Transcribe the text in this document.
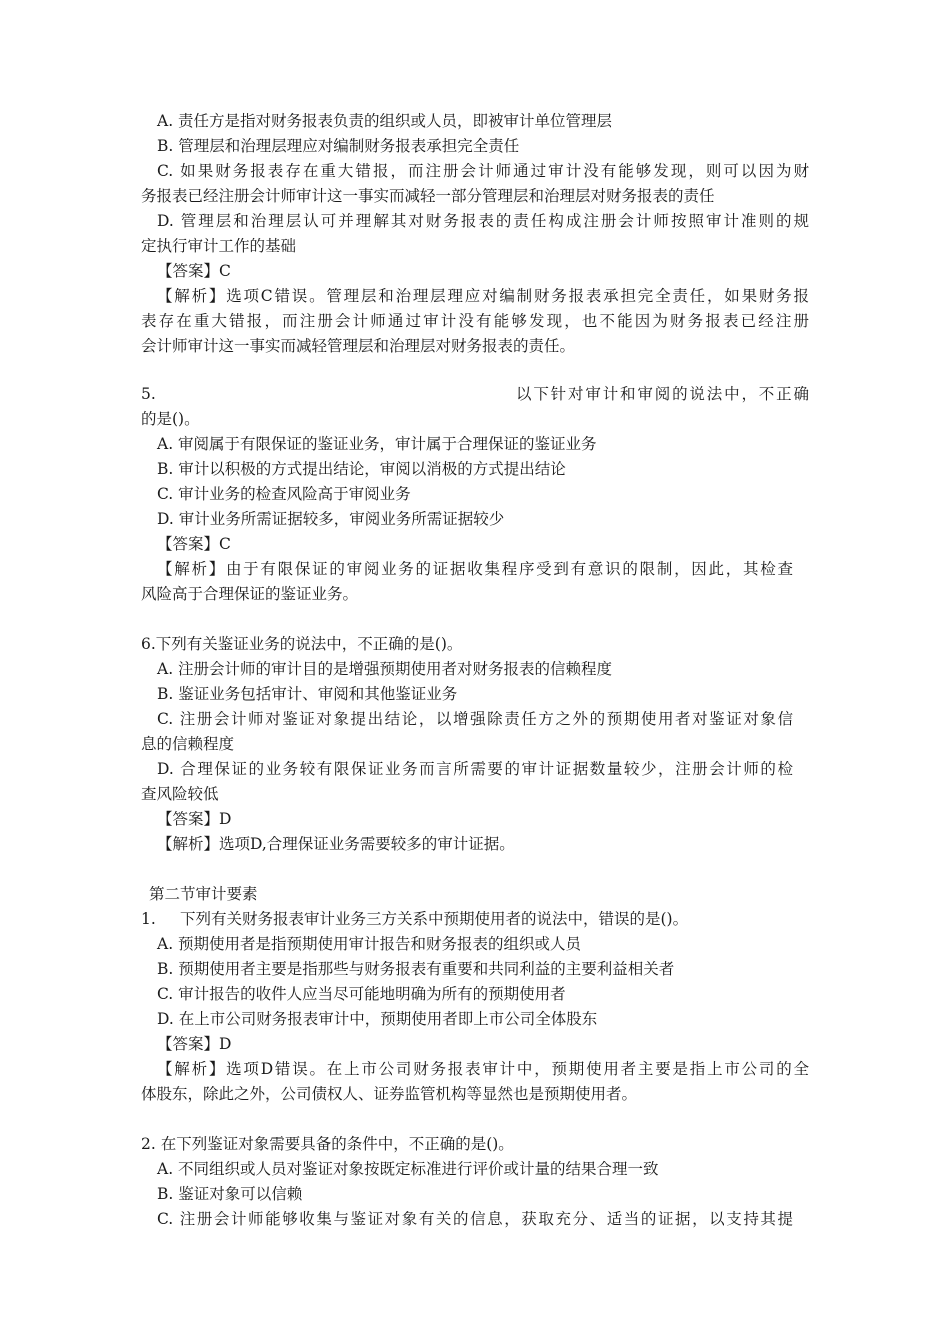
A. 责任方是指对财务报表负责的组织或人员，即被审计单位管理层
B. 管理层和治理层理应对编制财务报表承担完全责任
C. 如果财务报表存在重大错报，而注册会计师通过审计没有能够发现，则可以因为财
务报表已经注册会计师审计这一事实而减轻一部分管理层和治理层对财务报表的责任
D. 管理层和治理层认可并理解其对财务报表的责任构成注册会计师按照审计准则的规
定执行审计工作的基础
【答案】C
【解析】选项C错误。管理层和治理层理应对编制财务报表承担完全责任，如果财务报
表存在重大错报，而注册会计师通过审计没有能够发现，也不能因为财务报表已经注册
会计师审计这一事实而减轻管理层和治理层对财务报表的责任。
5.	以下针对审计和审阅的说法中，不正确
的是()。
A. 审阅属于有限保证的鉴证业务，审计属于合理保证的鉴证业务
B. 审计以积极的方式提出结论，审阅以消极的方式提出结论
C. 审计业务的检查风险高于审阅业务
D. 审计业务所需证据较多，审阅业务所需证据较少
【答案】C
【解析】由于有限保证的审阅业务的证据收集程序受到有意识的限制，因此，其检查
风险高于合理保证的鉴证业务。
6.下列有关鉴证业务的说法中，不正确的是()。
A. 注册会计师的审计目的是增强预期使用者对财务报表的信赖程度
B. 鉴证业务包括审计、审阅和其他鉴证业务
C. 注册会计师对鉴证对象提出结论，以增强除责任方之外的预期使用者对鉴证对象信
息的信赖程度
D. 合理保证的业务较有限保证业务而言所需要的审计证据数量较少，注册会计师的检
查风险较低
【答案】D
【解析】选项D,合理保证业务需要较多的审计证据。
第二节审计要素
1. 下列有关财务报表审计业务三方关系中预期使用者的说法中，错误的是()。
A. 预期使用者是指预期使用审计报告和财务报表的组织或人员
B. 预期使用者主要是指那些与财务报表有重要和共同利益的主要利益相关者
C. 审计报告的收件人应当尽可能地明确为所有的预期使用者
D. 在上市公司财务报表审计中，预期使用者即上市公司全体股东
【答案】D
【解析】选项D错误。在上市公司财务报表审计中，预期使用者主要是指上市公司的全
体股东，除此之外，公司债权人、证券监管机构等显然也是预期使用者。
2. 在下列鉴证对象需要具备的条件中，不正确的是()。
A. 不同组织或人员对鉴证对象按既定标准进行评价或计量的结果合理一致
B. 鉴证对象可以信赖
C. 注册会计师能够收集与鉴证对象有关的信息，获取充分、适当的证据，以支持其提
